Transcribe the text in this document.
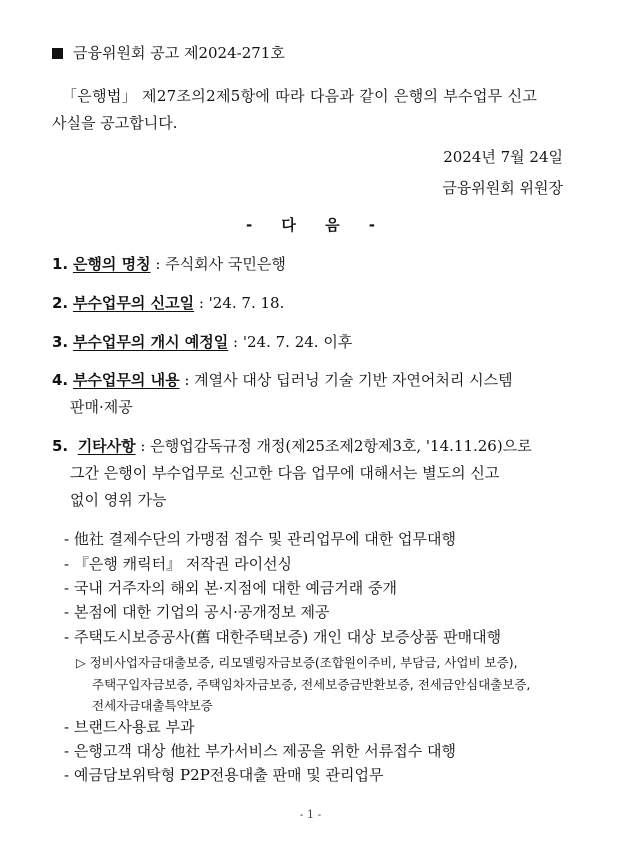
금융위원회 공고 제2024-271호
「은행법」 제27조의2제5항에 따라 다음과 같이 은행의 부수업무 신고
사실을 공고합니다.
2024년 7월 24일
금융위원회 위원장
- 다 음 -
1. 은행의 명칭 : 주식회사 국민은행
2. 부수업무의 신고일 : '24. 7. 18.
3. 부수업무의 개시 예정일 : '24. 7. 24. 이후
4. 부수업무의 내용 : 계열사 대상 딥러닝 기술 기반 자연어처리 시스템
판매·제공
5. 기타사항 : 은행업감독규정 개정(제25조제2항제3호, '14.11.26)으로
그간 은행이 부수업무로 신고한 다음 업무에 대해서는 별도의 신고
없이 영위 가능
- 他社 결제수단의 가맹점 접수 및 관리업무에 대한 업무대행
- 『은행 캐릭터』 저작권 라이선싱
- 국내 거주자의 해외 본·지점에 대한 예금거래 중개
- 본점에 대한 기업의 공시·공개정보 제공
- 주택도시보증공사(舊 대한주택보증) 개인 대상 보증상품 판매대행
▷ 정비사업자금대출보증, 리모델링자금보증(조합원이주비, 부담금, 사업비 보증),
주택구입자금보증, 주택임차자금보증, 전세보증금반환보증, 전세금안심대출보증,
전세자금대출특약보증
- 브랜드사용료 부과
- 은행고객 대상 他社 부가서비스 제공을 위한 서류접수 대행
- 예금담보위탁형 P2P전용대출 판매 및 관리업무
- 1 -
